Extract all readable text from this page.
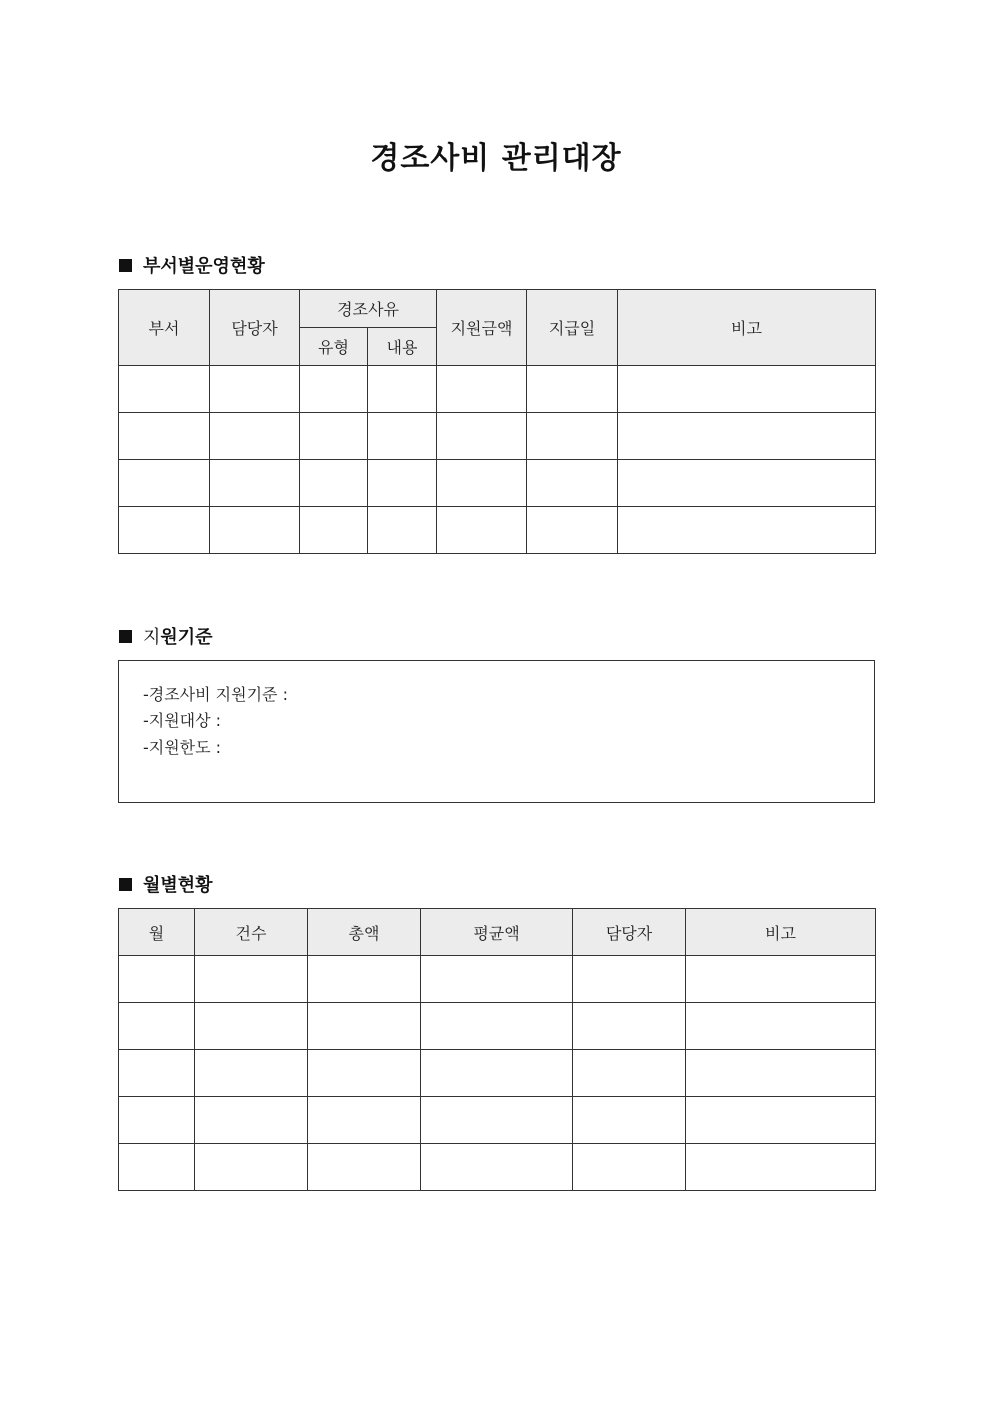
경조사비 관리대장
부서별운영현황
부서	담당자	경조사유		지원금액	지급일	비고
		유형	내용			

지 원기준
-경조사비 지원기준 :
-지원대상 :
-지원한도 :
월별현황
월	건수	총액	평균액	담당자	비고
